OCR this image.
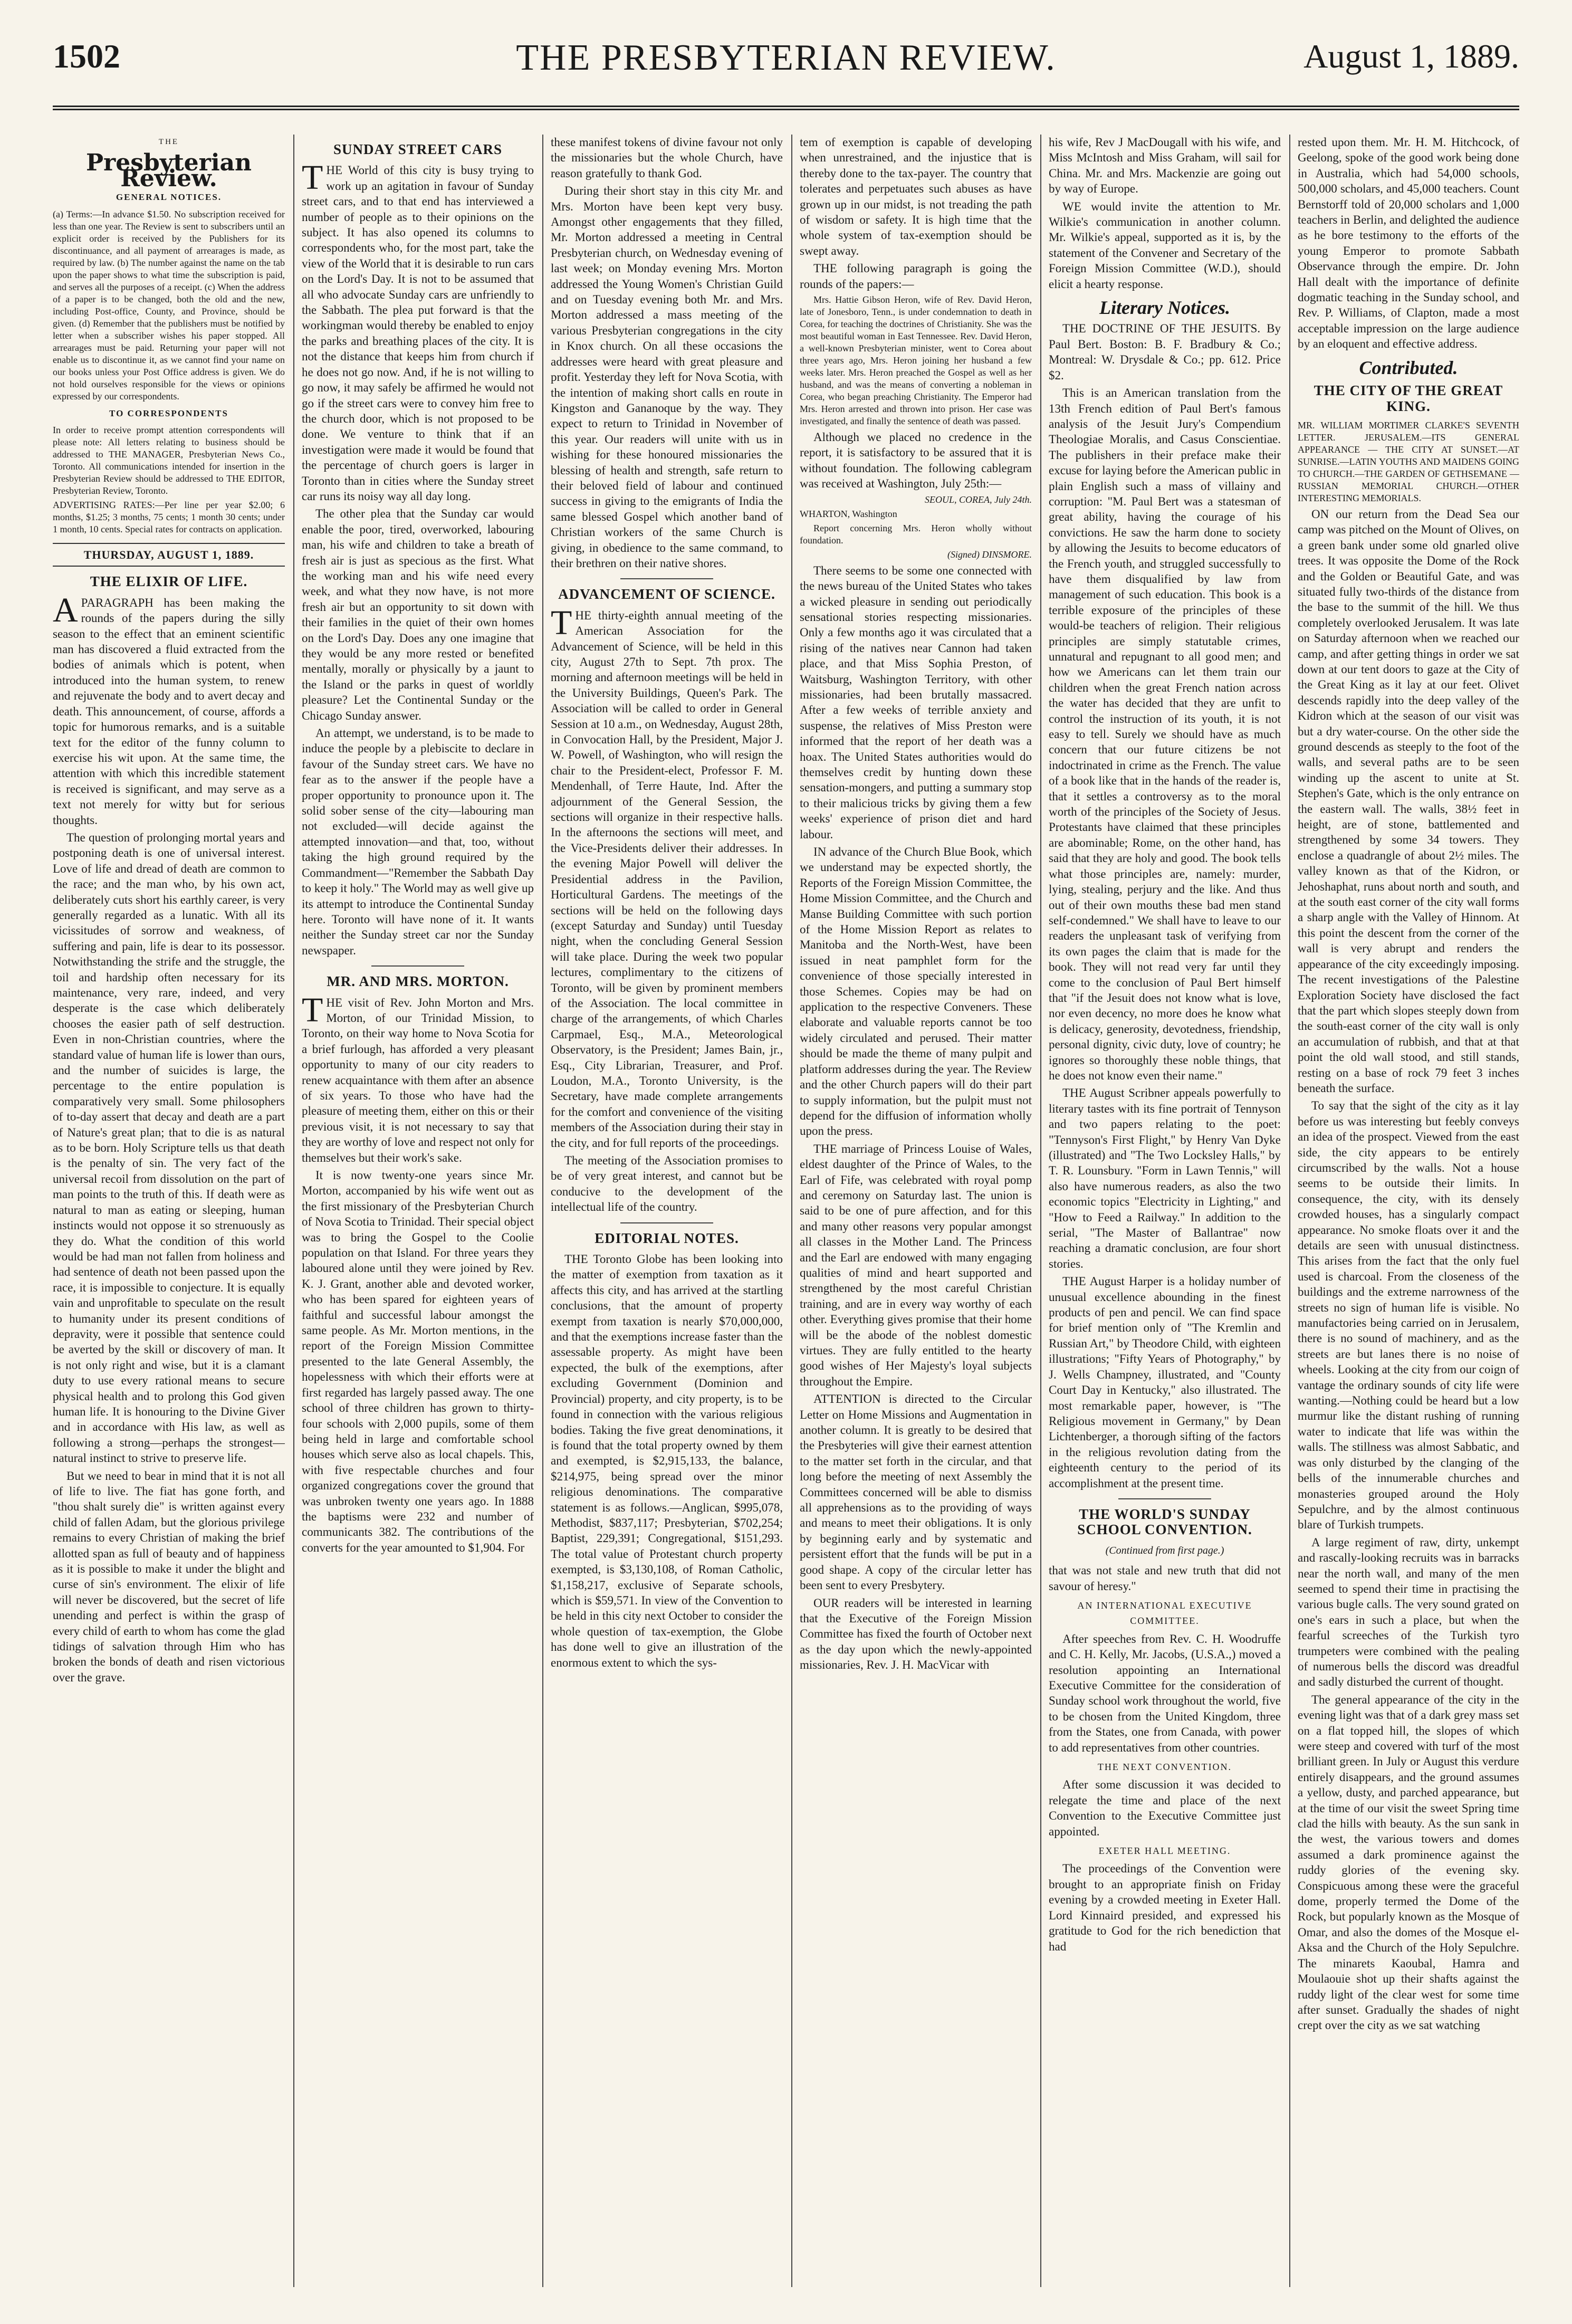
1502	THE PRESBYTERIAN REVIEW.	August 1, 1889.
THE
Presbyterian Review.
GENERAL NOTICES.

(a) Terms:—In advance $1.50. No subscription received for less than one year. The Review is sent to subscribers until an explicit order is received by the Publishers for its discontinuance, and all payment of arrearages is made, as required by law. (b) The number against the name on the tab upon the paper shows to what time the subscription is paid, and serves all the purposes of a receipt. (c) When the address of a paper is to be changed, both the old and the new, including Post-office, County, and Province, should be given. (d) Remember that the publishers must be notified by letter when a subscriber wishes his paper stopped. All arrearages must be paid. Returning your paper will not enable us to discontinue it, as we cannot find your name on our books unless your Post Office address is given. We do not hold ourselves responsible for the views or opinions expressed by our correspondents.

TO CORRESPONDENTS

In order to receive prompt attention correspondents will please note: All letters relating to business should be addressed to THE MANAGER, Presbyterian News Co., Toronto. All communications intended for insertion in the Presbyterian Review should be addressed to THE EDITOR, Presbyterian Review, Toronto.

ADVERTISING RATES:—Per line per year $2.00; 6 months, $1.25; 3 months, 75 cents; 1 month 30 cents; under 1 month, 10 cents. Special rates for contracts on application.

THURSDAY, AUGUST 1, 1889.
THE ELIXIR OF LIFE.

APARAGRAPH has been making the rounds of the papers during the silly season to the effect that an eminent scientific man has discovered a fluid extracted from the bodies of animals which is potent, when introduced into the human system, to renew and rejuvenate the body and to avert decay and death. This announcement, of course, affords a topic for humorous remarks, and is a suitable text for the editor of the funny column to exercise his wit upon. At the same time, the attention with which this incredible statement is received is significant, and may serve as a text not merely for witty but for serious thoughts.

The question of prolonging mortal years and postponing death is one of universal interest. Love of life and dread of death are common to the race; and the man who, by his own act, deliberately cuts short his earthly career, is very generally regarded as a lunatic. With all its vicissitudes of sorrow and weakness, of suffering and pain, life is dear to its possessor. Notwithstanding the strife and the struggle, the toil and hardship often necessary for its maintenance, very rare, indeed, and very desperate is the case which deliberately chooses the easier path of self destruction. Even in non-Christian countries, where the standard value of human life is lower than ours, and the number of suicides is large, the percentage to the entire population is comparatively very small. Some philosophers of to-day assert that decay and death are a part of Nature's great plan; that to die is as natural as to be born. Holy Scripture tells us that death is the penalty of sin. The very fact of the universal recoil from dissolution on the part of man points to the truth of this. If death were as natural to man as eating or sleeping, human instincts would not oppose it so strenuously as they do. What the condition of this world would be had man not fallen from holiness and had sentence of death not been passed upon the race, it is impossible to conjecture. It is equally vain and unprofitable to speculate on the result to humanity under its present conditions of depravity, were it possible that sentence could be averted by the skill or discovery of man. It is not only right and wise, but it is a clamant duty to use every rational means to secure physical health and to prolong this God given human life. It is honouring to the Divine Giver and in accordance with His law, as well as following a strong—perhaps the strongest—natural instinct to strive to preserve life.

But we need to bear in mind that it is not all of life to live. The fiat has gone forth, and "thou shalt surely die" is written against every child of fallen Adam, but the glorious privilege remains to every Christian of making the brief allotted span as full of beauty and of happiness as it is possible to make it under the blight and curse of sin's environment. The elixir of life will never be discovered, but the secret of life unending and perfect is within the grasp of every child of earth to whom has come the glad tidings of salvation through Him who has broken the bonds of death and risen victorious over the grave.

SUNDAY STREET CARS

THE World of this city is busy trying to work up an agitation in favour of Sunday street cars, and to that end has interviewed a number of people as to their opinions on the subject. It has also opened its columns to correspondents who, for the most part, take the view of the World that it is desirable to run cars on the Lord's Day. It is not to be assumed that all who advocate Sunday cars are unfriendly to the Sabbath. The plea put forward is that the workingman would thereby be enabled to enjoy the parks and breathing places of the city. It is not the distance that keeps him from church if he does not go now. And, if he is not willing to go now, it may safely be affirmed he would not go if the street cars were to convey him free to the church door, which is not proposed to be done. We venture to think that if an investigation were made it would be found that the percentage of church goers is larger in Toronto than in cities where the Sunday street car runs its noisy way all day long.

The other plea that the Sunday car would enable the poor, tired, overworked, labouring man, his wife and children to take a breath of fresh air is just as specious as the first. What the working man and his wife need every week, and what they now have, is not more fresh air but an opportunity to sit down with their families in the quiet of their own homes on the Lord's Day. Does any one imagine that they would be any more rested or benefited mentally, morally or physically by a jaunt to the Island or the parks in quest of worldly pleasure? Let the Continental Sunday or the Chicago Sunday answer.

An attempt, we understand, is to be made to induce the people by a plebiscite to declare in favour of the Sunday street cars. We have no fear as to the answer if the people have a proper opportunity to pronounce upon it. The solid sober sense of the city—labouring man not excluded—will decide against the attempted innovation—and that, too, without taking the high ground required by the Commandment—"Remember the Sabbath Day to keep it holy." The World may as well give up its attempt to introduce the Continental Sunday here. Toronto will have none of it. It wants neither the Sunday street car nor the Sunday newspaper.

MR. AND MRS. MORTON.

THE visit of Rev. John Morton and Mrs. Morton, of our Trinidad Mission, to Toronto, on their way home to Nova Scotia for a brief furlough, has afforded a very pleasant opportunity to many of our city readers to renew acquaintance with them after an absence of six years. To those who have had the pleasure of meeting them, either on this or their previous visit, it is not necessary to say that they are worthy of love and respect not only for themselves but their work's sake.

It is now twenty-one years since Mr. Morton, accompanied by his wife went out as the first missionary of the Presbyterian Church of Nova Scotia to Trinidad. Their special object was to bring the Gospel to the Coolie population on that Island. For three years they laboured alone until they were joined by Rev. K. J. Grant, another able and devoted worker, who has been spared for eighteen years of faithful and successful labour amongst the same people. As Mr. Morton mentions, in the report of the Foreign Mission Committee presented to the late General Assembly, the hopelessness with which their efforts were at first regarded has largely passed away. The one school of three children has grown to thirty-four schools with 2,000 pupils, some of them being held in large and comfortable school houses which serve also as local chapels. This, with five respectable churches and four organized congregations cover the ground that was unbroken twenty one years ago. In 1888 the baptisms were 232 and number of communicants 382. The contributions of the converts for the year amounted to $1,904. For

these manifest tokens of divine favour not only the missionaries but the whole Church, have reason gratefully to thank God.

During their short stay in this city Mr. and Mrs. Morton have been kept very busy. Amongst other engagements that they filled, Mr. Morton addressed a meeting in Central Presbyterian church, on Wednesday evening of last week; on Monday evening Mrs. Morton addressed the Young Women's Christian Guild and on Tuesday evening both Mr. and Mrs. Morton addressed a mass meeting of the various Presbyterian congregations in the city in Knox church. On all these occasions the addresses were heard with great pleasure and profit. Yesterday they left for Nova Scotia, with the intention of making short calls en route in Kingston and Gananoque by the way. They expect to return to Trinidad in November of this year. Our readers will unite with us in wishing for these honoured missionaries the blessing of health and strength, safe return to their beloved field of labour and continued success in giving to the emigrants of India the same blessed Gospel which another band of Christian workers of the same Church is giving, in obedience to the same command, to their brethren on their native shores.

ADVANCEMENT OF SCIENCE.

THE thirty-eighth annual meeting of the American Association for the Advancement of Science, will be held in this city, August 27th to Sept. 7th prox. The morning and afternoon meetings will be held in the University Buildings, Queen's Park. The Association will be called to order in General Session at 10 a.m., on Wednesday, August 28th, in Convocation Hall, by the President, Major J. W. Powell, of Washington, who will resign the chair to the President-elect, Professor F. M. Mendenhall, of Terre Haute, Ind. After the adjournment of the General Session, the sections will organize in their respective halls. In the afternoons the sections will meet, and the Vice-Presidents deliver their addresses. In the evening Major Powell will deliver the Presidential address in the Pavilion, Horticultural Gardens. The meetings of the sections will be held on the following days (except Saturday and Sunday) until Tuesday night, when the concluding General Session will take place. During the week two popular lectures, complimentary to the citizens of Toronto, will be given by prominent members of the Association. The local committee in charge of the arrangements, of which Charles Carpmael, Esq., M.A., Meteorological Observatory, is the President; James Bain, jr., Esq., City Librarian, Treasurer, and Prof. Loudon, M.A., Toronto University, is the Secretary, have made complete arrangements for the comfort and convenience of the visiting members of the Association during their stay in the city, and for full reports of the proceedings.

The meeting of the Association promises to be of very great interest, and cannot but be conducive to the development of the intellectual life of the country.

EDITORIAL NOTES.

THE Toronto Globe has been looking into the matter of exemption from taxation as it affects this city, and has arrived at the startling conclusions, that the amount of property exempt from taxation is nearly $70,000,000, and that the exemptions increase faster than the assessable property. As might have been expected, the bulk of the exemptions, after excluding Government (Dominion and Provincial) property, and city property, is to be found in connection with the various religious bodies. Taking the five great denominations, it is found that the total property owned by them and exempted, is $2,915,133, the balance, $214,975, being spread over the minor religious denominations. The comparative statement is as follows.—Anglican, $995,078, Methodist, $837,117; Presbyterian, $702,254; Baptist, 229,391; Congregational, $151,293. The total value of Protestant church property exempted, is $3,130,108, of Roman Catholic, $1,158,217, exclusive of Separate schools, which is $59,571. In view of the Convention to be held in this city next October to consider the whole question of tax-exemption, the Globe has done well to give an illustration of the enormous extent to which the sys-

tem of exemption is capable of developing when unrestrained, and the injustice that is thereby done to the tax-payer. The country that tolerates and perpetuates such abuses as have grown up in our midst, is not treading the path of wisdom or safety. It is high time that the whole system of tax-exemption should be swept away.

THE following paragraph is going the rounds of the papers:—

Mrs. Hattie Gibson Heron, wife of Rev. David Heron, late of Jonesboro, Tenn., is under condemnation to death in Corea, for teaching the doctrines of Christianity. She was the most beautiful woman in East Tennessee. Rev. David Heron, a well-known Presbyterian minister, went to Corea about three years ago, Mrs. Heron joining her husband a few weeks later. Mrs. Heron preached the Gospel as well as her husband, and was the means of converting a nobleman in Corea, who began preaching Christianity. The Emperor had Mrs. Heron arrested and thrown into prison. Her case was investigated, and finally the sentence of death was passed.

Although we placed no credence in the report, it is satisfactory to be assured that it is without foundation. The following cablegram was received at Washington, July 25th:—

SEOUL, COREA, July 24th.

WHARTON, Washington

Report concerning Mrs. Heron wholly without foundation.

(Signed) DINSMORE.

There seems to be some one connected with the news bureau of the United States who takes a wicked pleasure in sending out periodically sensational stories respecting missionaries. Only a few months ago it was circulated that a rising of the natives near Cannon had taken place, and that Miss Sophia Preston, of Waitsburg, Washington Territory, with other missionaries, had been brutally massacred. After a few weeks of terrible anxiety and suspense, the relatives of Miss Preston were informed that the report of her death was a hoax. The United States authorities would do themselves credit by hunting down these sensation-mongers, and putting a summary stop to their malicious tricks by giving them a few weeks' experience of prison diet and hard labour.

IN advance of the Church Blue Book, which we understand may be expected shortly, the Reports of the Foreign Mission Committee, the Home Mission Committee, and the Church and Manse Building Committee with such portion of the Home Mission Report as relates to Manitoba and the North-West, have been issued in neat pamphlet form for the convenience of those specially interested in those Schemes. Copies may be had on application to the respective Conveners. These elaborate and valuable reports cannot be too widely circulated and perused. Their matter should be made the theme of many pulpit and platform addresses during the year. The Review and the other Church papers will do their part to supply information, but the pulpit must not depend for the diffusion of information wholly upon the press.

THE marriage of Princess Louise of Wales, eldest daughter of the Prince of Wales, to the Earl of Fife, was celebrated with royal pomp and ceremony on Saturday last. The union is said to be one of pure affection, and for this and many other reasons very popular amongst all classes in the Mother Land. The Princess and the Earl are endowed with many engaging qualities of mind and heart supported and strengthened by the most careful Christian training, and are in every way worthy of each other. Everything gives promise that their home will be the abode of the noblest domestic virtues. They are fully entitled to the hearty good wishes of Her Majesty's loyal subjects throughout the Empire.

ATTENTION is directed to the Circular Letter on Home Missions and Augmentation in another column. It is greatly to be desired that the Presbyteries will give their earnest attention to the matter set forth in the circular, and that long before the meeting of next Assembly the Committees concerned will be able to dismiss all apprehensions as to the providing of ways and means to meet their obligations. It is only by beginning early and by systematic and persistent effort that the funds will be put in a good shape. A copy of the circular letter has been sent to every Presbytery.

OUR readers will be interested in learning that the Executive of the Foreign Mission Committee has fixed the fourth of October next as the day upon which the newly-appointed missionaries, Rev. J. H. MacVicar with

his wife, Rev J MacDougall with his wife, and Miss McIntosh and Miss Graham, will sail for China. Mr. and Mrs. Mackenzie are going out by way of Europe.

WE would invite the attention to Mr. Wilkie's communication in another column. Mr. Wilkie's appeal, supported as it is, by the statement of the Convener and Secretary of the Foreign Mission Committee (W.D.), should elicit a hearty response.

Literary Notices.

THE DOCTRINE OF THE JESUITS. By Paul Bert. Boston: B. F. Bradbury & Co.; Montreal: W. Drysdale & Co.; pp. 612. Price $2.

This is an American translation from the 13th French edition of Paul Bert's famous analysis of the Jesuit Jury's Compendium Theologiae Moralis, and Casus Conscientiae. The publishers in their preface make their excuse for laying before the American public in plain English such a mass of villainy and corruption: "M. Paul Bert was a statesman of great ability, having the courage of his convictions. He saw the harm done to society by allowing the Jesuits to become educators of the French youth, and struggled successfully to have them disqualified by law from management of such education. This book is a terrible exposure of the principles of these would-be teachers of religion. Their religious principles are simply statutable crimes, unnatural and repugnant to all good men; and how we Americans can let them train our children when the great French nation across the water has decided that they are unfit to control the instruction of its youth, it is not easy to tell. Surely we should have as much concern that our future citizens be not indoctrinated in crime as the French. The value of a book like that in the hands of the reader is, that it settles a controversy as to the moral worth of the principles of the Society of Jesus. Protestants have claimed that these principles are abominable; Rome, on the other hand, has said that they are holy and good. The book tells what those principles are, namely: murder, lying, stealing, perjury and the like. And thus out of their own mouths these bad men stand self-condemned." We shall have to leave to our readers the unpleasant task of verifying from its own pages the claim that is made for the book. They will not read very far until they come to the conclusion of Paul Bert himself that "if the Jesuit does not know what is love, nor even decency, no more does he know what is delicacy, generosity, devotedness, friendship, personal dignity, civic duty, love of country; he ignores so thoroughly these noble things, that he does not know even their name."

THE August Scribner appeals powerfully to literary tastes with its fine portrait of Tennyson and two papers relating to the poet: "Tennyson's First Flight," by Henry Van Dyke (illustrated) and "The Two Locksley Halls," by T. R. Lounsbury. "Form in Lawn Tennis," will also have numerous readers, as also the two economic topics "Electricity in Lighting," and "How to Feed a Railway." In addition to the serial, "The Master of Ballantrae" now reaching a dramatic conclusion, are four short stories.

THE August Harper is a holiday number of unusual excellence abounding in the finest products of pen and pencil. We can find space for brief mention only of "The Kremlin and Russian Art," by Theodore Child, with eighteen illustrations; "Fifty Years of Photography," by J. Wells Champney, illustrated, and "County Court Day in Kentucky," also illustrated. The most remarkable paper, however, is "The Religious movement in Germany," by Dean Lichtenberger, a thorough sifting of the factors in the religious revolution dating from the eighteenth century to the period of its accomplishment at the present time.

THE WORLD'S SUNDAY SCHOOL CONVENTION.
(Continued from first page.)

that was not stale and new truth that did not savour of heresy."

AN INTERNATIONAL EXECUTIVE COMMITTEE.

After speeches from Rev. C. H. Woodruffe and C. H. Kelly, Mr. Jacobs, (U.S.A.,) moved a resolution appointing an International Executive Committee for the consideration of Sunday school work throughout the world, five to be chosen from the United Kingdom, three from the States, one from Canada, with power to add representatives from other countries.

THE NEXT CONVENTION.

After some discussion it was decided to relegate the time and place of the next Convention to the Executive Committee just appointed.

EXETER HALL MEETING.

The proceedings of the Convention were brought to an appropriate finish on Friday evening by a crowded meeting in Exeter Hall. Lord Kinnaird presided, and expressed his gratitude to God for the rich benediction that had

rested upon them. Mr. H. M. Hitchcock, of Geelong, spoke of the good work being done in Australia, which had 54,000 schools, 500,000 scholars, and 45,000 teachers. Count Bernstorff told of 20,000 scholars and 1,000 teachers in Berlin, and delighted the audience as he bore testimony to the efforts of the young Emperor to promote Sabbath Observance through the empire. Dr. John Hall dealt with the importance of definite dogmatic teaching in the Sunday school, and Rev. P. Williams, of Clapton, made a most acceptable impression on the large audience by an eloquent and effective address.

Contributed.
THE CITY OF THE GREAT KING.

MR. WILLIAM MORTIMER CLARKE'S SEVENTH LETTER. JERUSALEM.—ITS GENERAL APPEARANCE — THE CITY AT SUNSET.—AT SUNRISE.—LATIN YOUTHS AND MAIDENS GOING TO CHURCH.—THE GARDEN OF GETHSEMANE — RUSSIAN MEMORIAL CHURCH.—OTHER INTERESTING MEMORIALS.

ON our return from the Dead Sea our camp was pitched on the Mount of Olives, on a green bank under some old gnarled olive trees. It was opposite the Dome of the Rock and the Golden or Beautiful Gate, and was situated fully two-thirds of the distance from the base to the summit of the hill. We thus completely overlooked Jerusalem. It was late on Saturday afternoon when we reached our camp, and after getting things in order we sat down at our tent doors to gaze at the City of the Great King as it lay at our feet. Olivet descends rapidly into the deep valley of the Kidron which at the season of our visit was but a dry water-course. On the other side the ground descends as steeply to the foot of the walls, and several paths are to be seen winding up the ascent to unite at St. Stephen's Gate, which is the only entrance on the eastern wall. The walls, 38½ feet in height, are of stone, battlemented and strengthened by some 34 towers. They enclose a quadrangle of about 2½ miles. The valley known as that of the Kidron, or Jehoshaphat, runs about north and south, and at the south east corner of the city wall forms a sharp angle with the Valley of Hinnom. At this point the descent from the corner of the wall is very abrupt and renders the appearance of the city exceedingly imposing. The recent investigations of the Palestine Exploration Society have disclosed the fact that the part which slopes steeply down from the south-east corner of the city wall is only an accumulation of rubbish, and that at that point the old wall stood, and still stands, resting on a base of rock 79 feet 3 inches beneath the surface.

To say that the sight of the city as it lay before us was interesting but feebly conveys an idea of the prospect. Viewed from the east side, the city appears to be entirely circumscribed by the walls. Not a house seems to be outside their limits. In consequence, the city, with its densely crowded houses, has a singularly compact appearance. No smoke floats over it and the details are seen with unusual distinctness. This arises from the fact that the only fuel used is charcoal. From the closeness of the buildings and the extreme narrowness of the streets no sign of human life is visible. No manufactories being carried on in Jerusalem, there is no sound of machinery, and as the streets are but lanes there is no noise of wheels. Looking at the city from our coign of vantage the ordinary sounds of city life were wanting.—Nothing could be heard but a low murmur like the distant rushing of running water to indicate that life was within the walls. The stillness was almost Sabbatic, and was only disturbed by the clanging of the bells of the innumerable churches and monasteries grouped around the Holy Sepulchre, and by the almost continuous blare of Turkish trumpets.

A large regiment of raw, dirty, unkempt and rascally-looking recruits was in barracks near the north wall, and many of the men seemed to spend their time in practising the various bugle calls. The very sound grated on one's ears in such a place, but when the fearful screeches of the Turkish tyro trumpeters were combined with the pealing of numerous bells the discord was dreadful and sadly disturbed the current of thought.

The general appearance of the city in the evening light was that of a dark grey mass set on a flat topped hill, the slopes of which were steep and covered with turf of the most brilliant green. In July or August this verdure entirely disappears, and the ground assumes a yellow, dusty, and parched appearance, but at the time of our visit the sweet Spring time clad the hills with beauty. As the sun sank in the west, the various towers and domes assumed a dark prominence against the ruddy glories of the evening sky. Conspicuous among these were the graceful dome, properly termed the Dome of the Rock, but popularly known as the Mosque of Omar, and also the domes of the Mosque el-Aksa and the Church of the Holy Sepulchre. The minarets Kaoubal, Hamra and Moulaouie shot up their shafts against the ruddy light of the clear west for some time after sunset. Gradually the shades of night crept over the city as we sat watching
